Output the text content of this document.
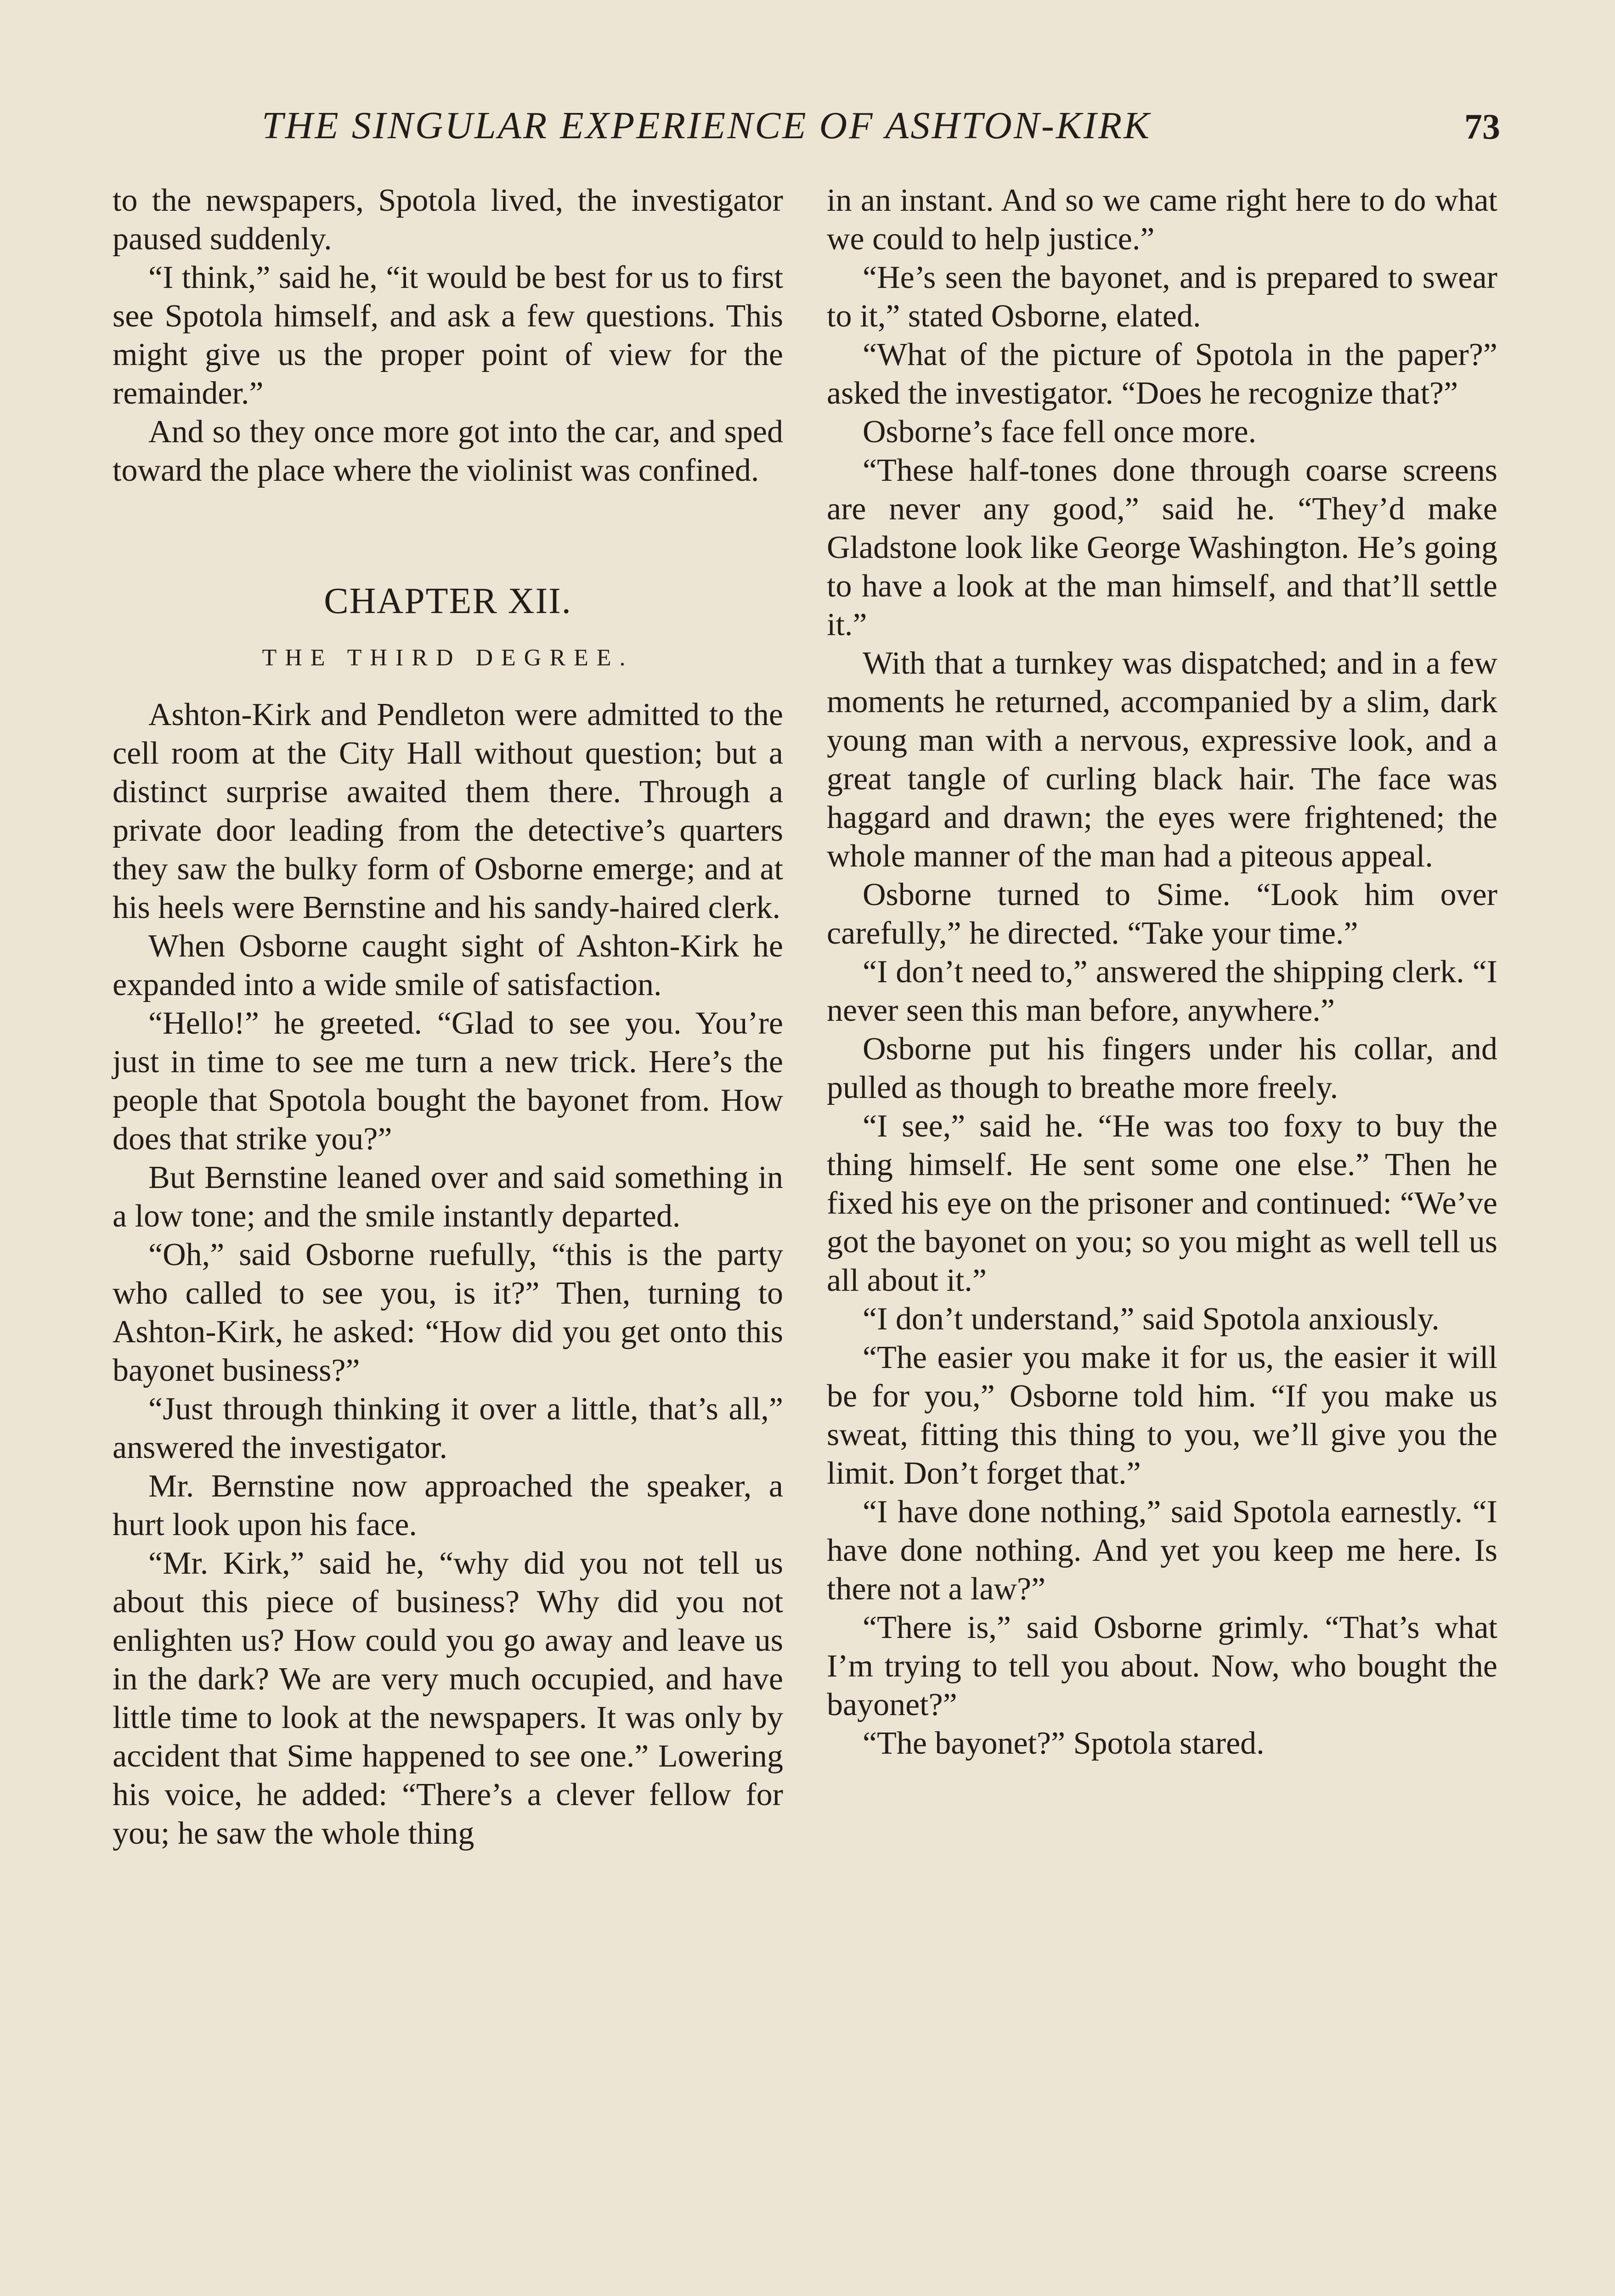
THE SINGULAR EXPERIENCE OF ASHTON-KIRK	73

to the newspapers, Spotola lived, the investigator paused suddenly.

“I think,” said he, “it would be best for us to first see Spotola himself, and ask a few questions. This might give us the proper point of view for the remainder.”

And so they once more got into the car, and sped toward the place where the violinist was confined.

CHAPTER XII.
THE THIRD DEGREE.

Ashton-Kirk and Pendleton were admitted to the cell room at the City Hall without question; but a distinct surprise awaited them there. Through a private door leading from the detective’s quarters they saw the bulky form of Osborne emerge; and at his heels were Bernstine and his sandy-haired clerk.

When Osborne caught sight of Ashton-Kirk he expanded into a wide smile of satisfaction.

“Hello!” he greeted. “Glad to see you. You’re just in time to see me turn a new trick. Here’s the people that Spotola bought the bayonet from. How does that strike you?”

But Bernstine leaned over and said something in a low tone; and the smile instantly departed.

“Oh,” said Osborne ruefully, “this is the party who called to see you, is it?” Then, turning to Ashton-Kirk, he asked: “How did you get onto this bayonet business?”

“Just through thinking it over a little, that’s all,” answered the investigator.

Mr. Bernstine now approached the speaker, a hurt look upon his face.

“Mr. Kirk,” said he, “why did you not tell us about this piece of business? Why did you not enlighten us? How could you go away and leave us in the dark? We are very much occupied, and have little time to look at the newspapers. It was only by accident that Sime happened to see one.” Lowering his voice, he added: “There’s a clever fellow for you; he saw the whole thing

in an instant. And so we came right here to do what we could to help justice.”

“He’s seen the bayonet, and is prepared to swear to it,” stated Osborne, elated.

“What of the picture of Spotola in the paper?” asked the investigator. “Does he recognize that?”

Osborne’s face fell once more.

“These half-tones done through coarse screens are never any good,” said he. “They’d make Gladstone look like George Washington. He’s going to have a look at the man himself, and that’ll settle it.”

With that a turnkey was dispatched; and in a few moments he returned, accompanied by a slim, dark young man with a nervous, expressive look, and a great tangle of curling black hair. The face was haggard and drawn; the eyes were frightened; the whole manner of the man had a piteous appeal.

Osborne turned to Sime. “Look him over carefully,” he directed. “Take your time.”

“I don’t need to,” answered the shipping clerk. “I never seen this man before, anywhere.”

Osborne put his fingers under his collar, and pulled as though to breathe more freely.

“I see,” said he. “He was too foxy to buy the thing himself. He sent some one else.” Then he fixed his eye on the prisoner and continued: “We’ve got the bayonet on you; so you might as well tell us all about it.”

“I don’t understand,” said Spotola anxiously.

“The easier you make it for us, the easier it will be for you,” Osborne told him. “If you make us sweat, fitting this thing to you, we’ll give you the limit. Don’t forget that.”

“I have done nothing,” said Spotola earnestly. “I have done nothing. And yet you keep me here. Is there not a law?”

“There is,” said Osborne grimly. “That’s what I’m trying to tell you about. Now, who bought the bayonet?”

“The bayonet?” Spotola stared.
